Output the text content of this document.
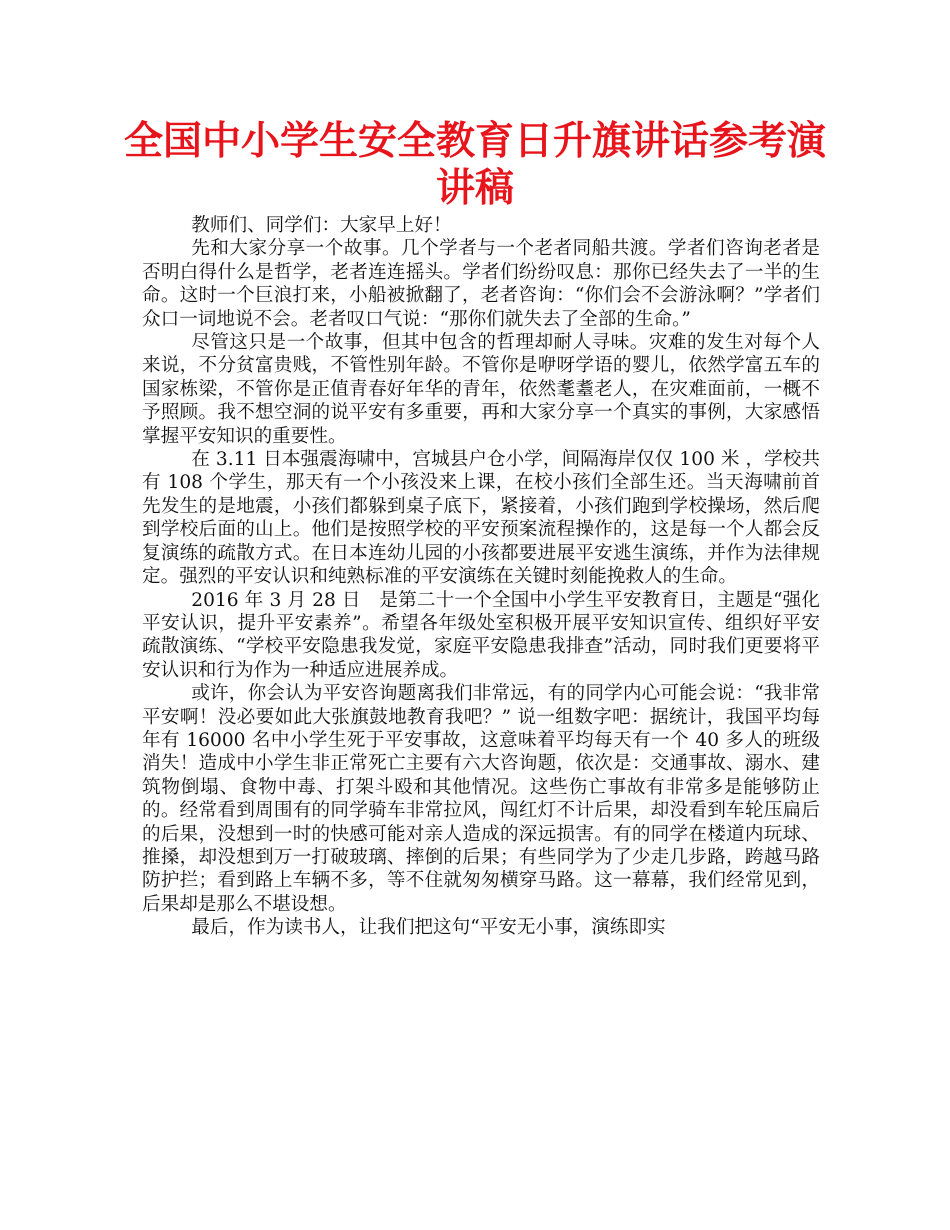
全国中小学生安全教育日升旗讲话参考演讲稿

教师们、同学们：大家早上好！

先和大家分享一个故事。几个学者与一个老者同船共渡。学者们咨询老者是否明白得什么是哲学，老者连连摇头。学者们纷纷叹息：那你已经失去了一半的生命。这时一个巨浪打来，小船被掀翻了，老者咨询：“你们会不会游泳啊？”学者们众口一词地说不会。老者叹口气说：“那你们就失去了全部的生命。”

尽管这只是一个故事，但其中包含的哲理却耐人寻味。灾难的发生对每个人来说，不分贫富贵贱，不管性别年龄。不管你是咿呀学语的婴儿，依然学富五车的国家栋梁，不管你是正值青春好年华的青年，依然耄耋老人，在灾难面前，一概不予照顾。我不想空洞的说平安有多重要，再和大家分享一个真实的事例，大家感悟掌握平安知识的重要性。

在 3.11 日本强震海啸中，宫城县户仓小学，间隔海岸仅仅 100 米 ，学校共有 108 个学生，那天有一个小孩没来上课，在校小孩们全部生还。当天海啸前首先发生的是地震，小孩们都躲到桌子底下，紧接着，小孩们跑到学校操场，然后爬到学校后面的山上。他们是按照学校的平安预案流程操作的，这是每一个人都会反复演练的疏散方式。在日本连幼儿园的小孩都要进展平安逃生演练，并作为法律规定。强烈的平安认识和纯熟标准的平安演练在关键时刻能挽救人的生命。

2016 年 3 月 28 日　是第二十一个全国中小学生平安教育日，主题是“强化平安认识，提升平安素养”。希望各年级处室积极开展平安知识宣传、组织好平安疏散演练、“学校平安隐患我发觉，家庭平安隐患我排查”活动，同时我们更要将平安认识和行为作为一种适应进展养成。

或许，你会认为平安咨询题离我们非常远，有的同学内心可能会说：“我非常平安啊！没必要如此大张旗鼓地教育我吧？” 说一组数字吧：据统计，我国平均每年有 16000 名中小学生死于平安事故，这意味着平均每天有一个 40 多人的班级消失！造成中小学生非正常死亡主要有六大咨询题，依次是：交通事故、溺水、建筑物倒塌、食物中毒、打架斗殴和其他情况。这些伤亡事故有非常多是能够防止的。经常看到周围有的同学骑车非常拉风，闯红灯不计后果，却没看到车轮压扁后的后果，没想到一时的快感可能对亲人造成的深远损害。有的同学在楼道内玩球、推搡，却没想到万一打破玻璃、摔倒的后果；有些同学为了少走几步路，跨越马路防护拦；看到路上车辆不多，等不住就匆匆横穿马路。这一幕幕，我们经常见到，后果却是那么不堪设想。

最后，作为读书人，让我们把这句“平安无小事，演练即实
